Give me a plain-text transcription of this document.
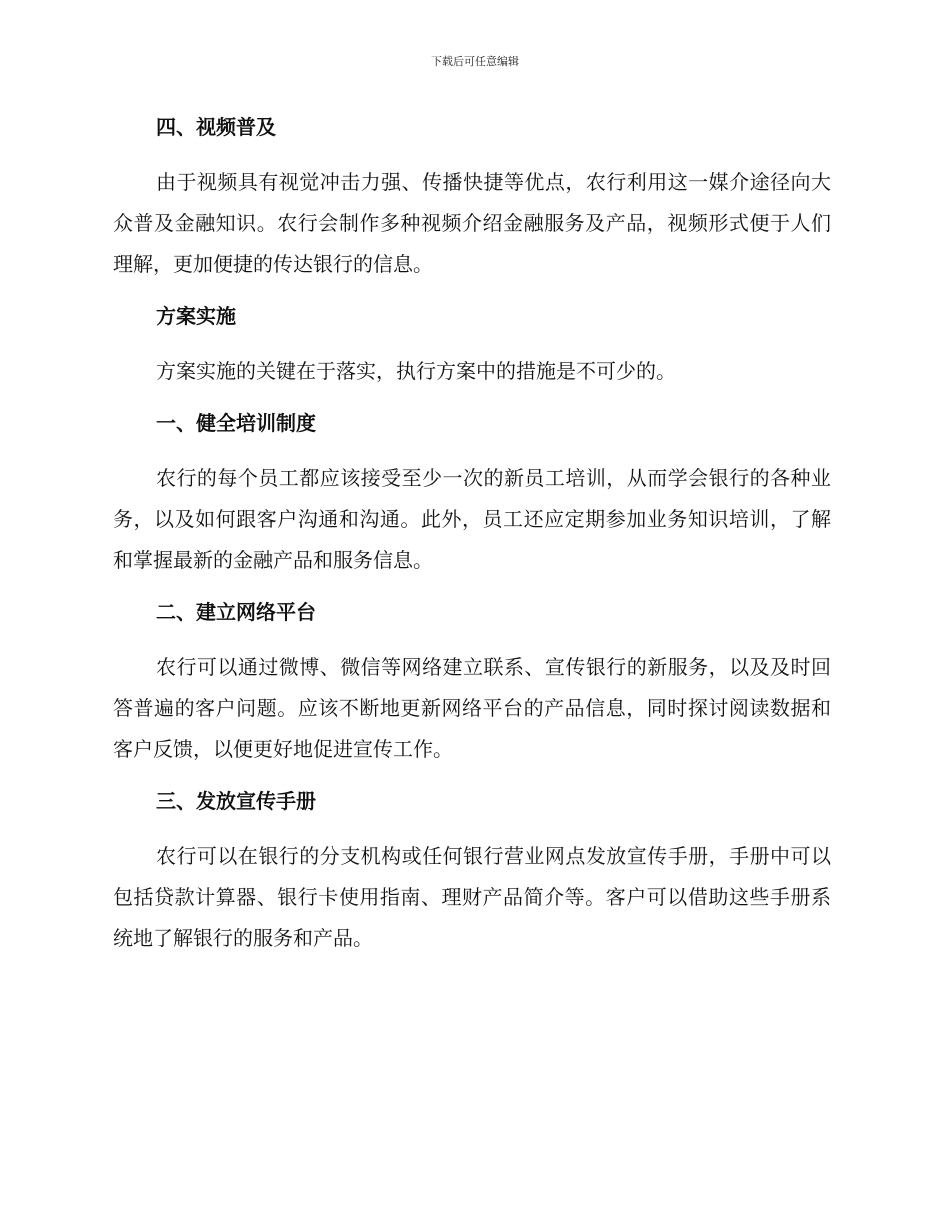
下载后可任意编辑
四、视频普及

由于视频具有视觉冲击力强、传播快捷等优点，农行利用这一媒介途径向大众普及金融知识。农行会制作多种视频介绍金融服务及产品，视频形式便于人们理解，更加便捷的传达银行的信息。

方案实施

方案实施的关键在于落实，执行方案中的措施是不可少的。

一、健全培训制度

农行的每个员工都应该接受至少一次的新员工培训，从而学会银行的各种业务，以及如何跟客户沟通和沟通。此外，员工还应定期参加业务知识培训，了解和掌握最新的金融产品和服务信息。

二、建立网络平台

农行可以通过微博、微信等网络建立联系、宣传银行的新服务，以及及时回答普遍的客户问题。应该不断地更新网络平台的产品信息，同时探讨阅读数据和客户反馈，以便更好地促进宣传工作。

三、发放宣传手册

农行可以在银行的分支机构或任何银行营业网点发放宣传手册，手册中可以包括贷款计算器、银行卡使用指南、理财产品简介等。客户可以借助这些手册系统地了解银行的服务和产品。
